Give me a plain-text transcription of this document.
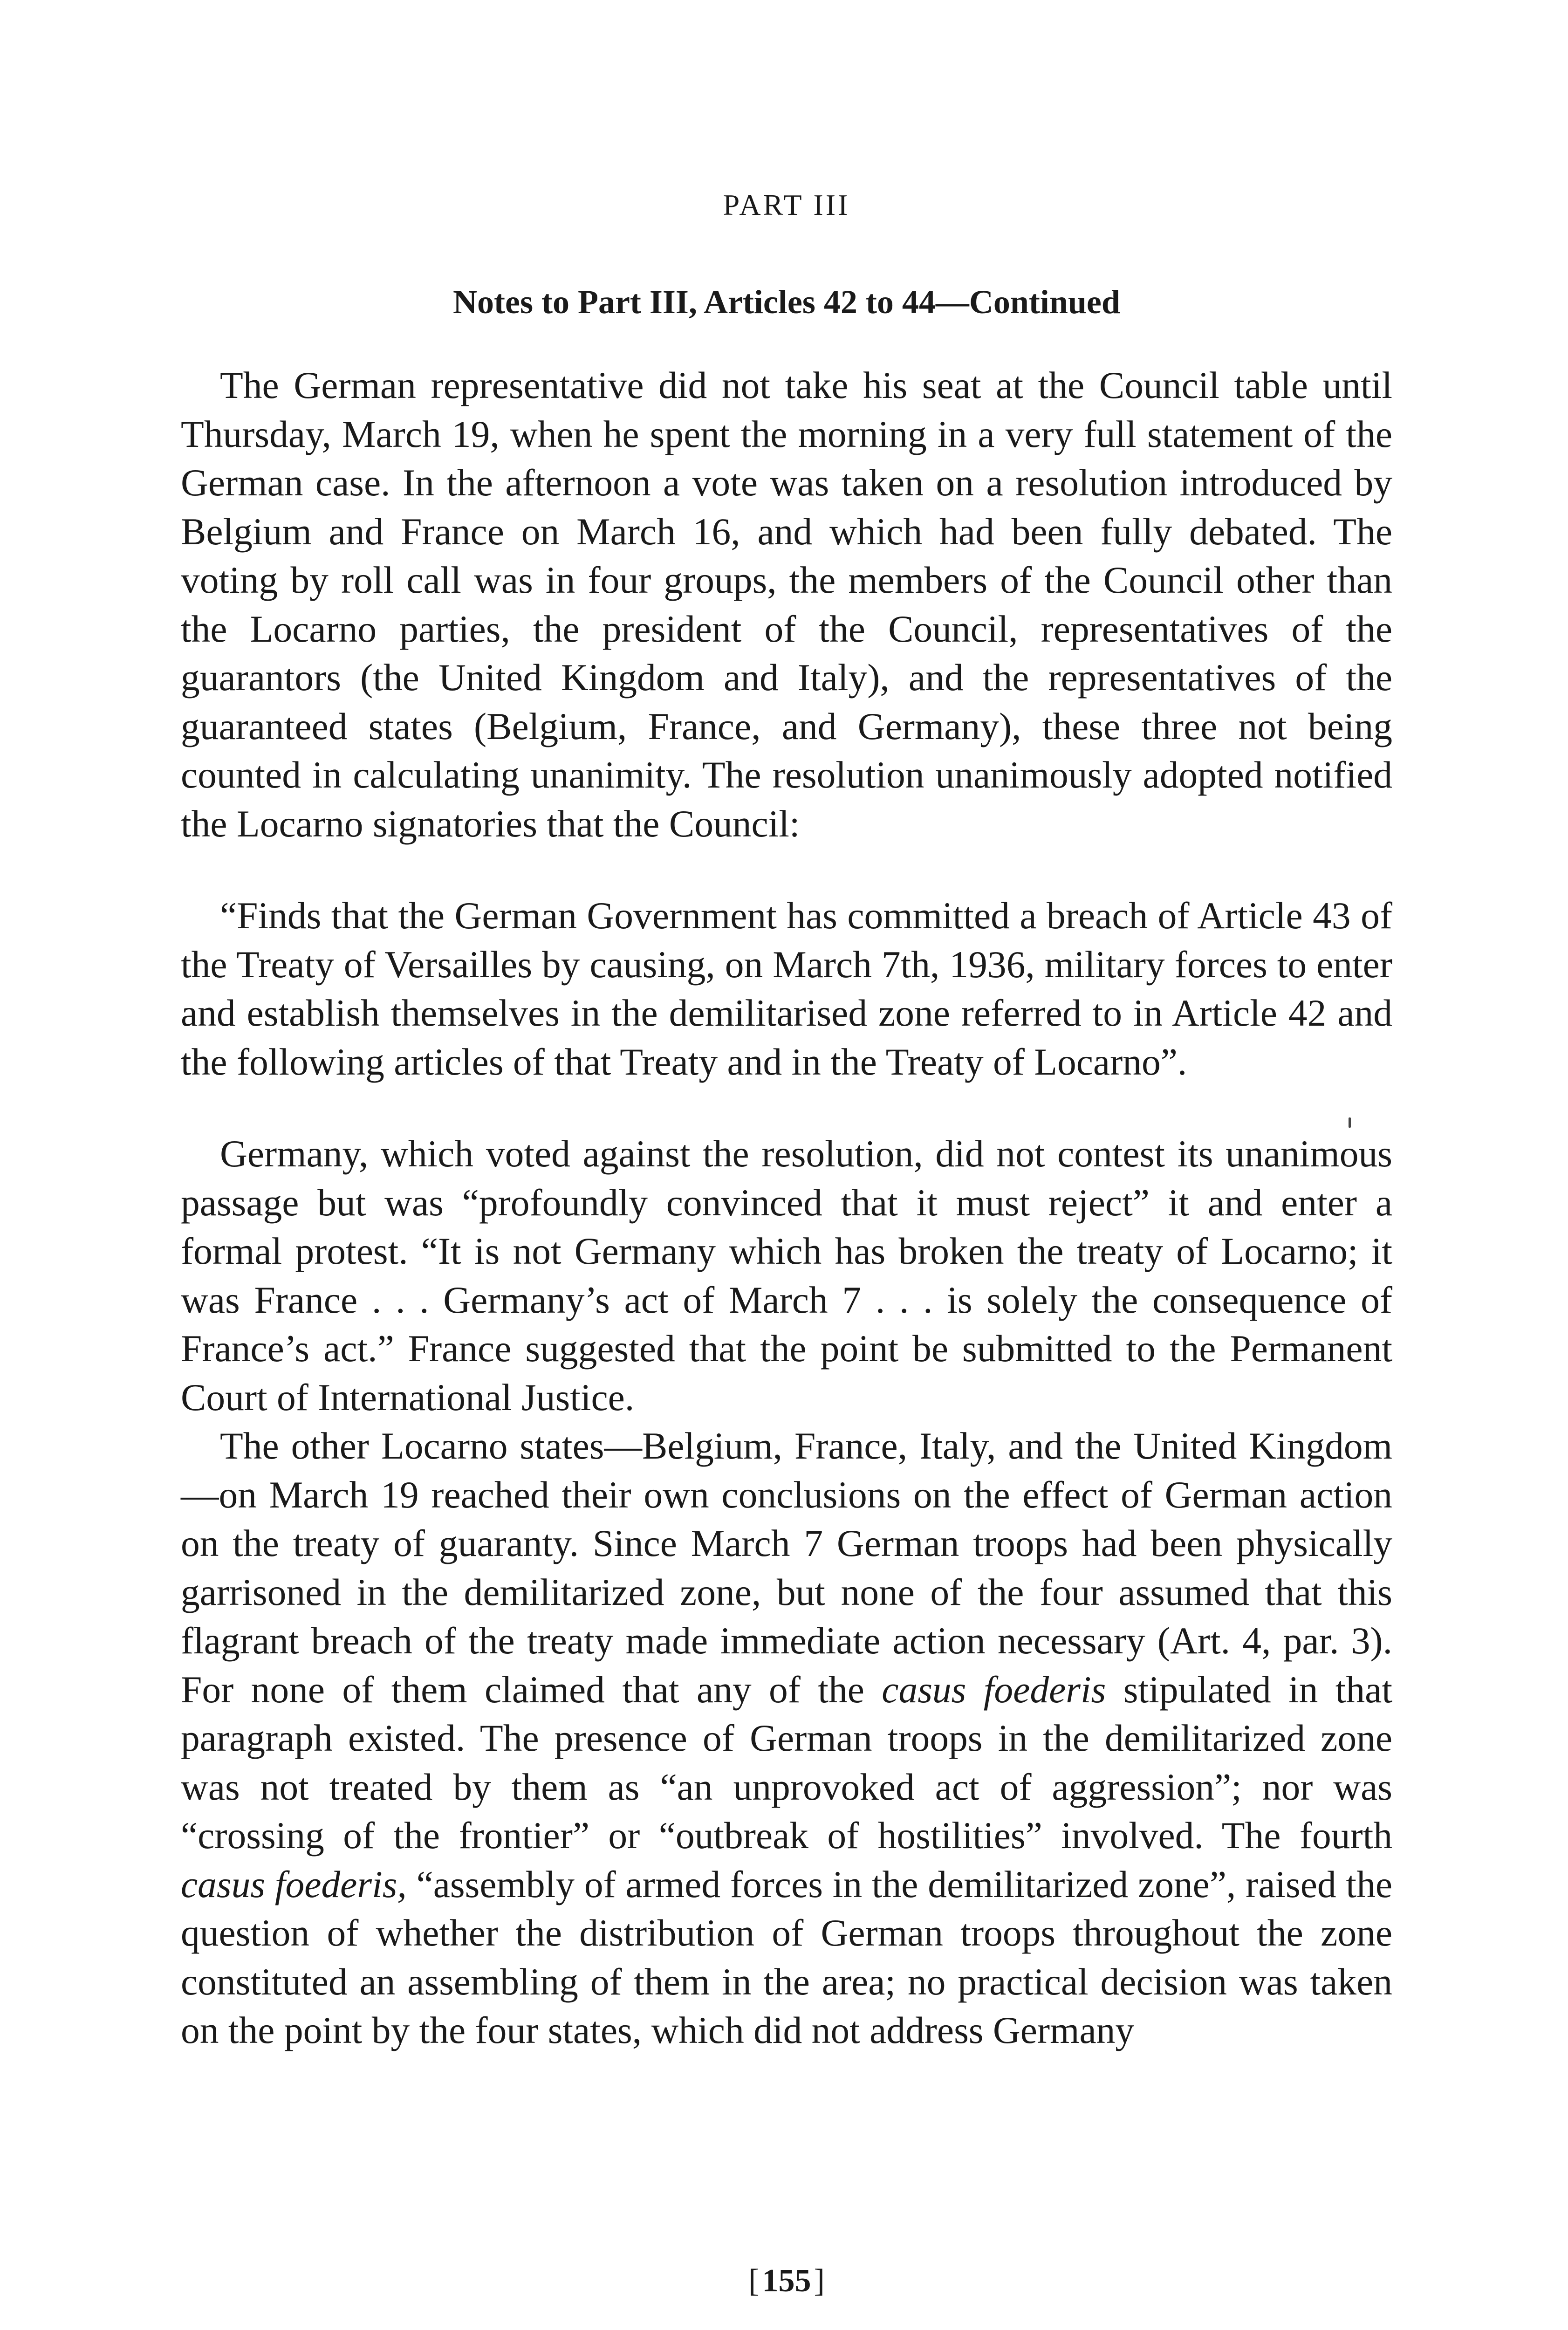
PART III
Notes to Part III, Articles 42 to 44—Continued

The German representative did not take his seat at the Council table until Thursday, March 19, when he spent the morning in a very full statement of the German case. In the afternoon a vote was taken on a resolution introduced by Belgium and France on March 16, and which had been fully debated. The voting by roll call was in four groups, the members of the Council other than the Locarno parties, the president of the Council, representatives of the guarantors (the United Kingdom and Italy), and the representatives of the guaranteed states (Belgium, France, and Germany), these three not being counted in calculating unanimity. The resolution unanimously adopted notified the Locarno signatories that the Council:

“Finds that the German Government has committed a breach of Article 43 of the Treaty of Versailles by causing, on March 7th, 1936, military forces to enter and establish themselves in the demilitarised zone referred to in Article 42 and the following articles of that Treaty and in the Treaty of Locarno”.

Germany, which voted against the resolution, did not contest its unanimous passage but was “profoundly convinced that it must reject” it and enter a formal protest. “It is not Germany which has broken the treaty of Locarno; it was France . . . Germany’s act of March 7 . . . is solely the consequence of France’s act.” France suggested that the point be submitted to the Permanent Court of International Justice.

The other Locarno states—Belgium, France, Italy, and the United Kingdom—on March 19 reached their own conclusions on the effect of German action on the treaty of guaranty. Since March 7 German troops had been physically garrisoned in the demilitarized zone, but none of the four assumed that this flagrant breach of the treaty made immediate action necessary (Art. 4, par. 3). For none of them claimed that any of the casus foederis stipulated in that paragraph existed. The presence of German troops in the demilitarized zone was not treated by them as “an unprovoked act of aggression”; nor was “crossing of the frontier” or “outbreak of hostilities” involved. The fourth casus foederis, “assembly of armed forces in the demilitarized zone”, raised the question of whether the distribution of German troops throughout the zone constituted an assembling of them in the area; no practical decision was taken on the point by the four states, which did not address Germany

[155]
